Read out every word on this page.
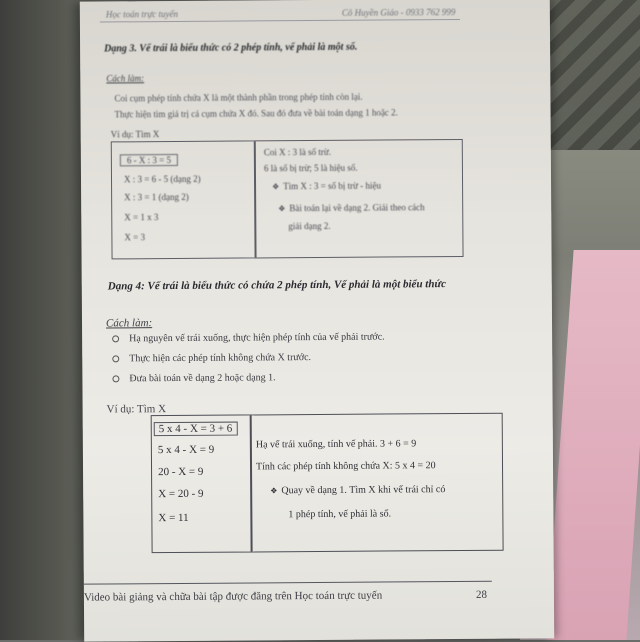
Học toán trực tuyến	Cô Huyền Giáo - 0933 762 999
Dạng 3. Vế trái là biểu thức có 2 phép tính, vế phải là một số.
Cách làm:
Coi cụm phép tính chứa X là một thành phần trong phép tính còn lại.
Thực hiện tìm giá trị cả cụm chứa X đó. Sau đó đưa về bài toán dạng 1 hoặc 2.
Ví dụ: Tìm X
6 - X : 3 = 5
X : 3 = 6 - 5 (dạng 2)
X : 3 = 1 (dạng 2)
X = 1 x 3
X = 3
Coi X : 3 là số trừ.
6 là số bị trừ; 5 là hiệu số.
❖ Tìm X : 3 = số bị trừ - hiệu
❖ Bài toán lại về dạng 2. Giải theo cách
giải dạng 2.
Dạng 4: Vế trái là biểu thức có chứa 2 phép tính, Vế phải là một biểu thức
Cách làm:
Hạ nguyên vế trái xuống, thực hiện phép tính của vế phải trước.
Thực hiện các phép tính không chứa X trước.
Đưa bài toán về dạng 2 hoặc dạng 1.
Ví dụ: Tìm X
5 x 4 - X = 3 + 6
5 x 4 - X = 9
20 - X = 9
X = 20 - 9
X = 11
Hạ vế trái xuống, tính vế phải. 3 + 6 = 9
Tính các phép tính không chứa X: 5 x 4 = 20
❖ Quay về dạng 1. Tìm X khi vế trái chỉ có
1 phép tính, vế phải là số.
Video bài giảng và chữa bài tập được đăng trên Học toán trực tuyến	28
